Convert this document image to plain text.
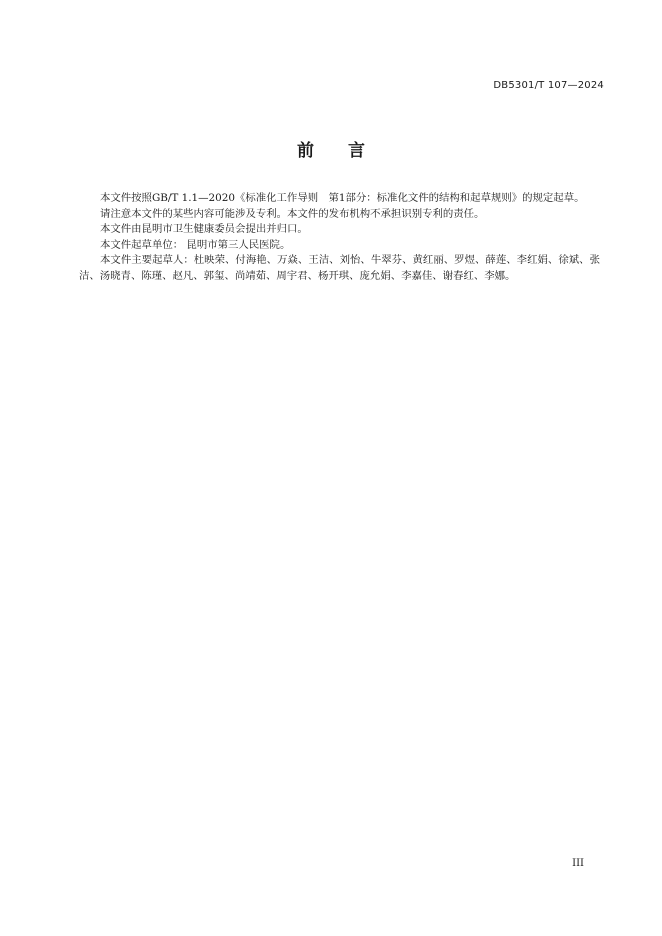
DB5301/T 107—2024
前 言

本文件按照GB/T 1.1—2020《标准化工作导则　第1部分：标准化文件的结构和起草规则》的规定起草。

请注意本文件的某些内容可能涉及专利。本文件的发布机构不承担识别专利的责任。

本文件由昆明市卫生健康委员会提出并归口。

本文件起草单位： 昆明市第三人民医院。

本文件主要起草人：杜映荣、付海艳、万焱、王洁、刘怡、牛翠芬、黄红丽、罗煜、薛莲、李红娟、徐斌、张洁、汤晓青、陈瑾、赵凡、郭玺、尚靖茹、周宇君、杨开琪、庞允娟、李嘉佳、谢春红、李娜。

III
